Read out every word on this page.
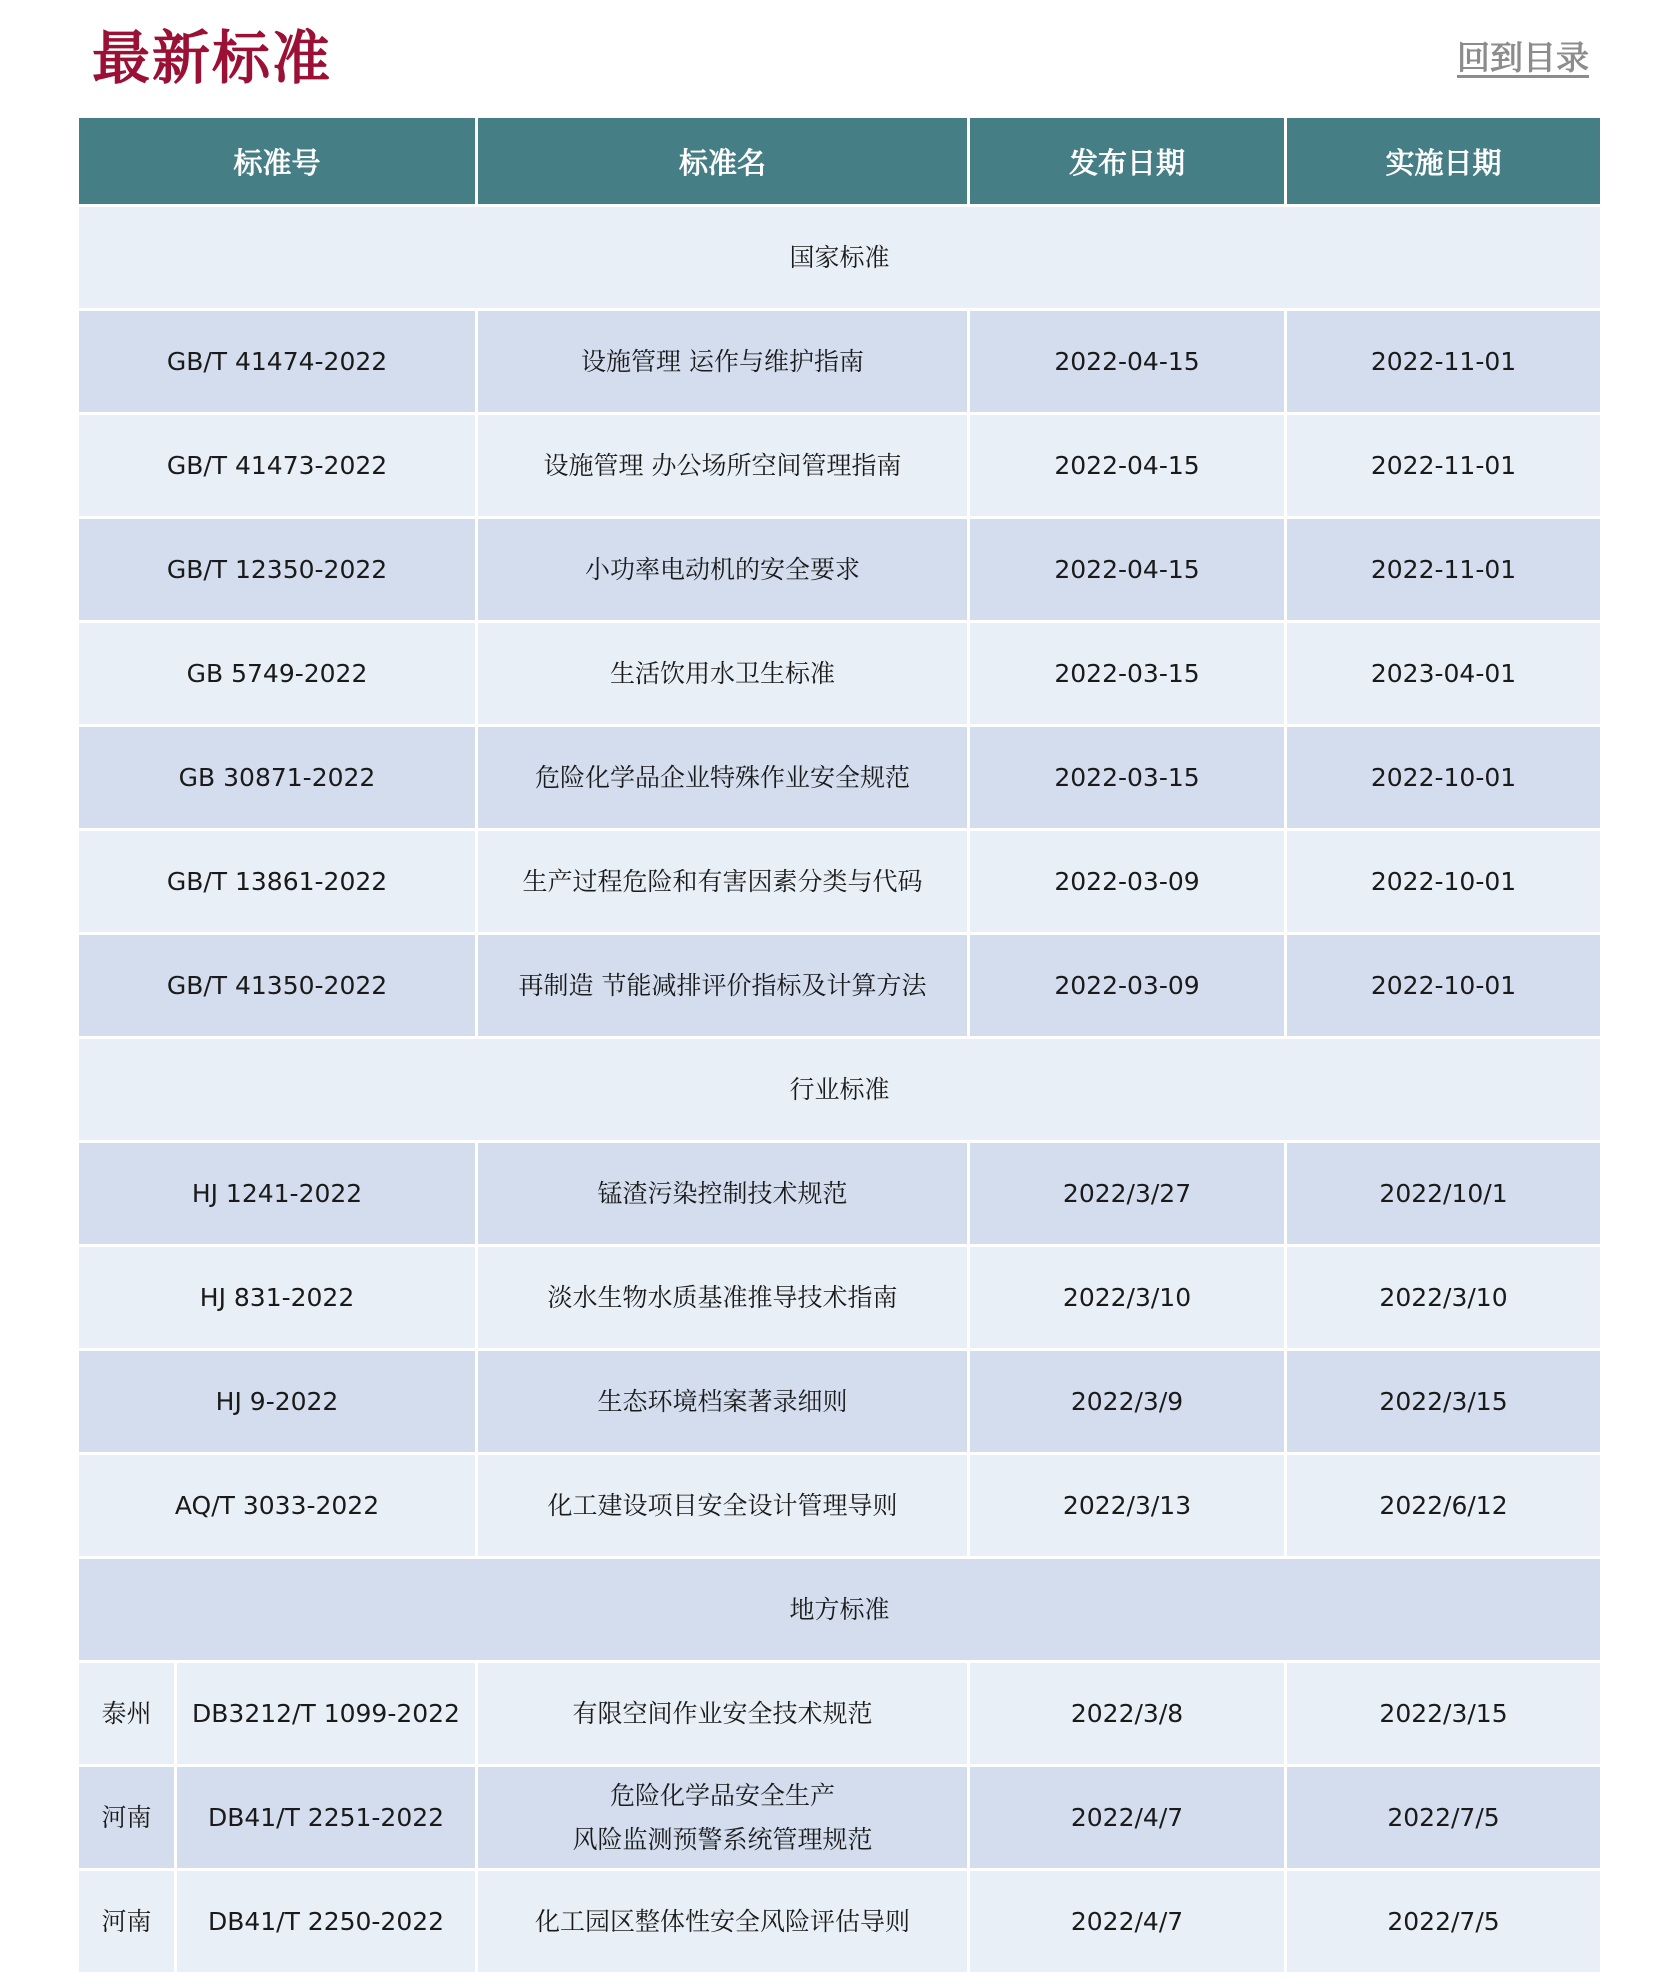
最新标准	回到目录
标准号		标准名	发布日期	实施日期
国家标准				
GB/T 41474-2022		设施管理 运作与维护指南	2022-04-15	2022-11-01
GB/T 41473-2022		设施管理 办公场所空间管理指南	2022-04-15	2022-11-01
GB/T 12350-2022		小功率电动机的安全要求	2022-04-15	2022-11-01
GB 5749-2022		生活饮用水卫生标准	2022-03-15	2023-04-01
GB 30871-2022		危险化学品企业特殊作业安全规范	2022-03-15	2022-10-01
GB/T 13861-2022		生产过程危险和有害因素分类与代码	2022-03-09	2022-10-01
GB/T 41350-2022		再制造 节能减排评价指标及计算方法	2022-03-09	2022-10-01
行业标准				
HJ 1241-2022		锰渣污染控制技术规范	2022/3/27	2022/10/1
HJ 831-2022		淡水生物水质基准推导技术指南	2022/3/10	2022/3/10
HJ 9-2022		生态环境档案著录细则	2022/3/9	2022/3/15
AQ/T 3033-2022		化工建设项目安全设计管理导则	2022/3/13	2022/6/12
地方标准				
泰州	DB3212/T 1099-2022	有限空间作业安全技术规范	2022/3/8	2022/3/15
河南	DB41/T 2251-2022	危险化学品安全生产
风险监测预警系统管理规范	2022/4/7	2022/7/5
河南	DB41/T 2250-2022	化工园区整体性安全风险评估导则	2022/4/7	2022/7/5
